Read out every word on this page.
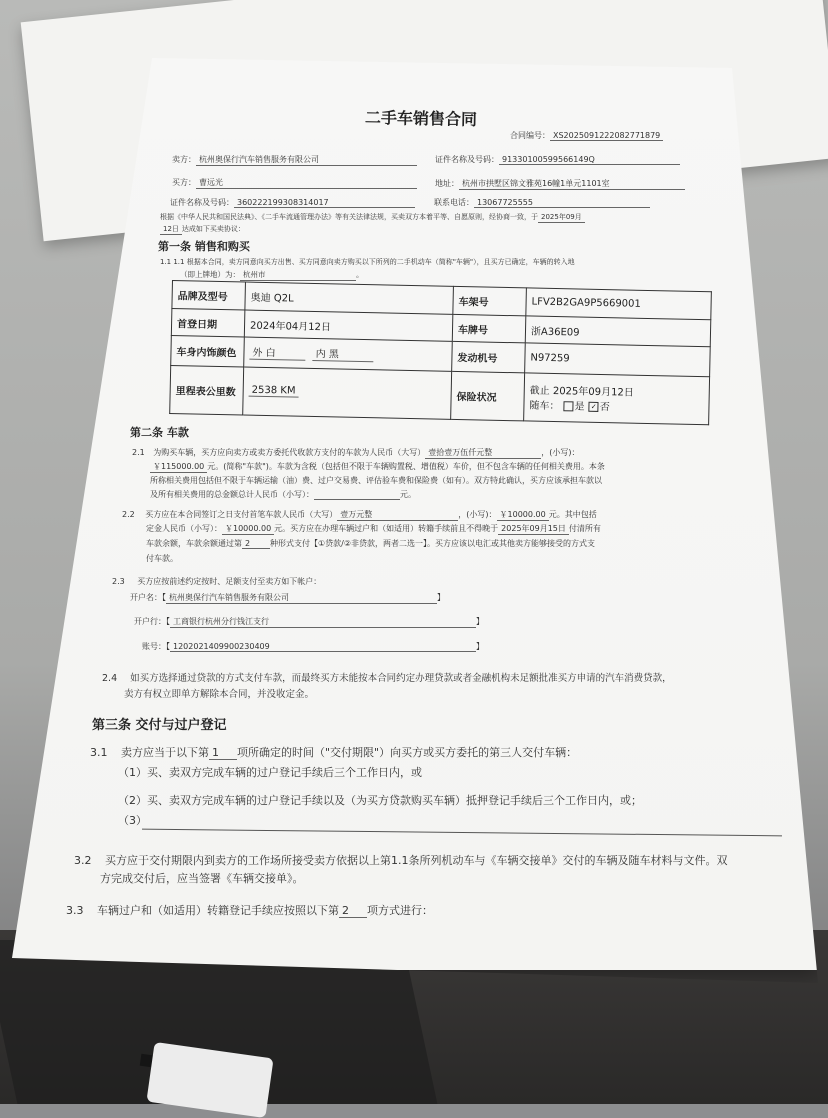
二手车销售合同
合同编号： XS2025091222082771879
卖方： 杭州奥保行汽车销售服务有限公司	证件名称及号码： 91330100599566149Q
买方： 曹远光	地址： 杭州市拱墅区锦文雅苑16幢1单元1101室
证件名称及号码： 360222199308314017	联系电话： 13067725555
根据《中华人民共和国民法典》、《二手车流通管理办法》等有关法律法规，买卖双方本着平等、自愿原则，经协商一致，于 2025年09月
12日 达成如下买卖协议：
第一条 销售和购买
1.1 1.1 根据本合同，卖方同意向买方出售、买方同意向卖方购买以下所列的二手机动车（简称"车辆"），且买方已确定，车辆的转入地
（即上牌地）为： 杭州市	。
品牌及型号	奥迪 Q2L	车架号	LFV2B2GA9P5669001
首登日期	2024年04月12日	车牌号	浙A36E09
车身内饰颜色	外 白 内 黑	发动机号	N97259
里程表公里数	2538 KM	保险状况	截止 2025年09月12日
随车： 是 ✓ 否
第二条 车款
2.1 为购买车辆，买方应向卖方或卖方委托代收款方支付的车款为人民币（大写） 壹拾壹万伍仟元整	，(小写)：
￥115000.00 元。(简称"车款")。车款为含税（包括但不限于车辆购置税、增值税）车价，但不包含车辆的任何相关费用。本条
所称相关费用包括但不限于车辆运输（油）费、过户交易费、评估验车费和保险费（如有）。双方特此确认，买方应该承担车款以
及所有相关费用的总金额总计人民币（小写）：	元。
2.2 买方应在本合同签订之日支付首笔车款人民币（大写） 壹万元整	，(小写)： ￥10000.00 元。其中包括
定金人民币（小写）： ￥10000.00 元。买方应在办理车辆过户和（如适用）转籍手续前且不得晚于 2025年09月15日 付清所有
车款余额，车款余额通过第 2 种形式支付【①贷款/②非贷款，两者二选一】。买方应该以电汇或其他卖方能够接受的方式支
付车款。
2.3 买方应按前述约定按时、足额支付至卖方如下帐户：
开户名：【 杭州奥保行汽车销售服务有限公司	】
开户行：【 工商银行杭州分行钱江支行	】
账号：【 1202021409900230409	】
2.4 如买方选择通过贷款的方式支付车款，而最终买方未能按本合同约定办理贷款或者金融机构未足额批准买方申请的汽车消费贷款，
卖方有权立即单方解除本合同，并没收定金。
第三条 交付与过户登记
3.1 卖方应当于以下第 1 项所确定的时间（"交付期限"）向买方或买方委托的第三人交付车辆：
（1）买、卖双方完成车辆的过户登记手续后三个工作日内，或
（2）买、卖双方完成车辆的过户登记手续以及（为买方贷款购买车辆）抵押登记手续后三个工作日内，或；
（3）
3.2 买方应于交付期限内到卖方的工作场所接受卖方依据以上第1.1条所列机动车与《车辆交接单》交付的车辆及随车材料与文件。双
方完成交付后，应当签署《车辆交接单》。
3.3 车辆过户和（如适用）转籍登记手续应按照以下第 2 项方式进行：
